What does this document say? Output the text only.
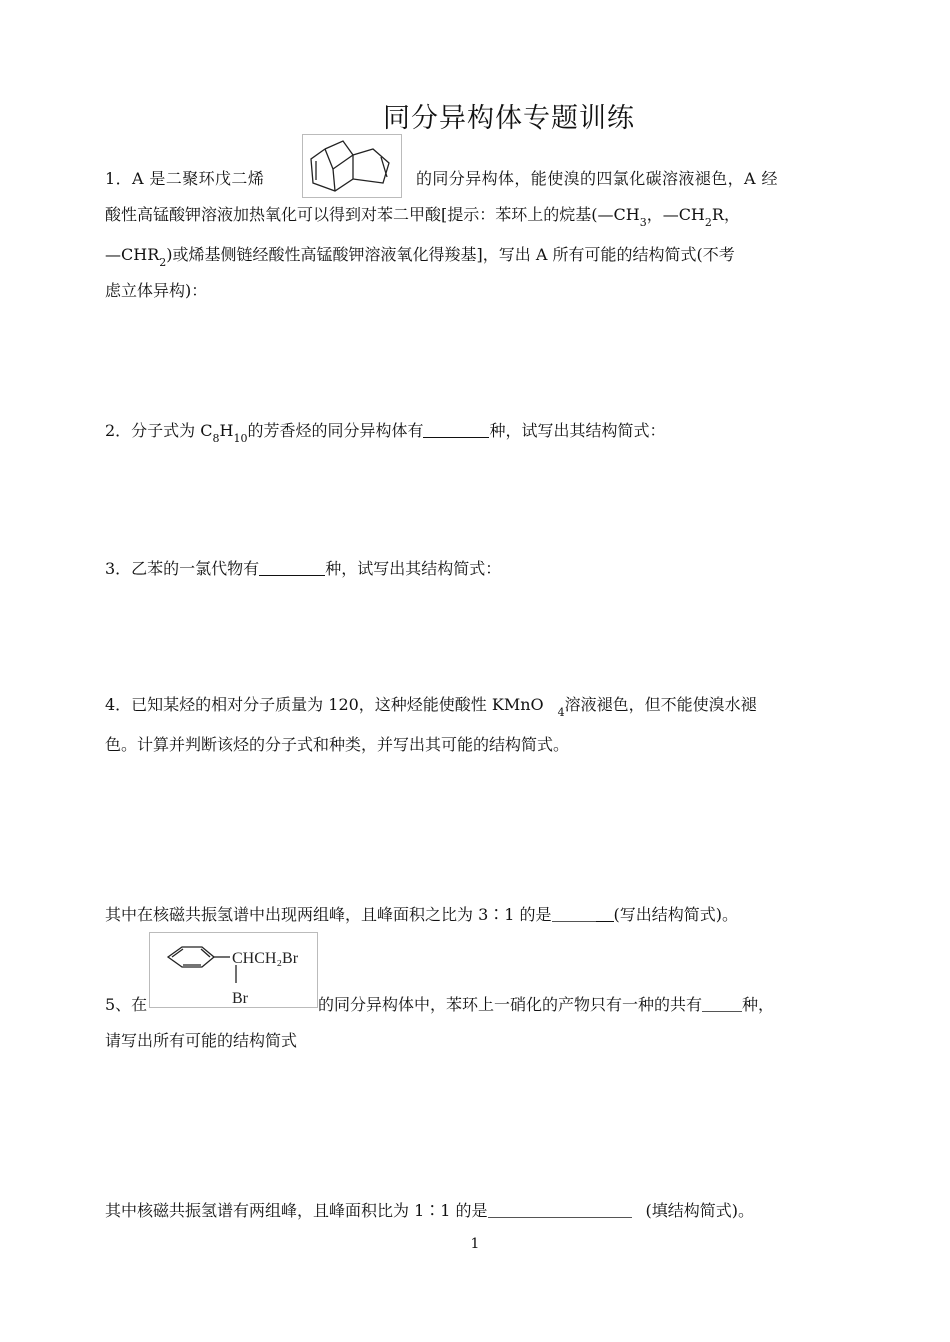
同分异构体专题训练
1．A 是二聚环戊二烯	的同分异构体，能使溴的四氯化碳溶液褪色，A 经
酸性高锰酸钾溶液加热氧化可以得到对苯二甲酸[提示：苯环上的烷基($—CH_3$，$—CH_2R$，
$—CHR_2$)或烯基侧链经酸性高锰酸钾溶液氧化得羧基]，写出 A 所有可能的结构简式(不考
虑立体异构)：
2．分子式为 $C_8H_{10}$的芳香烃的同分异构体有	种，试写出其结构简式：
3．乙苯的一氯代物有	种，试写出其结构简式：
4．已知某烃的相对分子质量为 120，这种烃能使酸性 KMnO $_4$溶液褪色，但不能使溴水褪
色。计算并判断该烃的分子式和种类，并写出其可能的结构简式。
其中在核磁共振氢谱中出现两组峰，且峰面积之比为 3∶1 的是	(写出结构简式)。
CHCH₂Br
Br
5、在	的同分异构体中，苯环上一硝化的产物只有一种的共有	种，
请写出所有可能的结构简式
其中核磁共振氢谱有两组峰，且峰面积比为 1∶1 的是	(填结构简式)。
1
